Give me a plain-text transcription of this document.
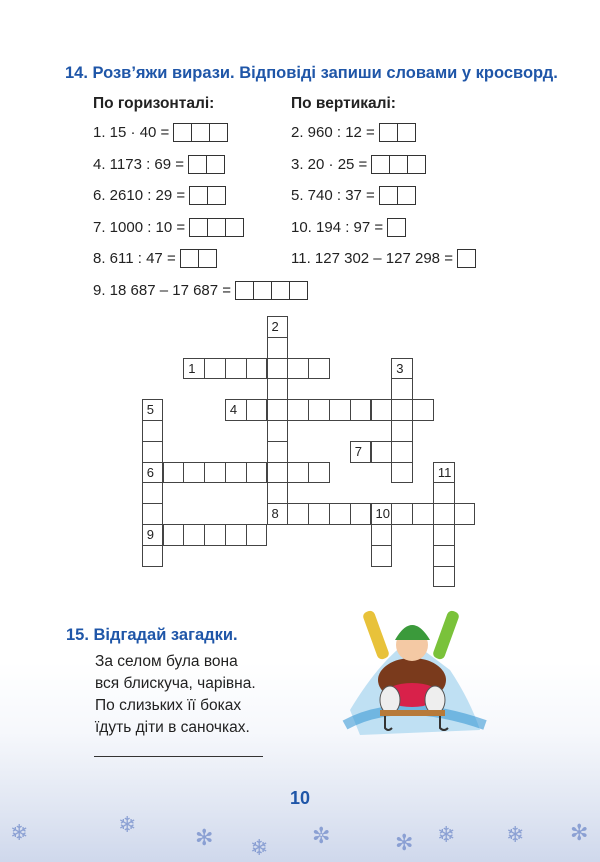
❄	❄
✻ ❄ ✼	✻ ❄ ❄ ✻
14. Розв’яжи вирази. Відповіді запиши словами у кросворд.
По горизонталі:	По вертикалі:
1. 15 · 40 =
4. 1173 : 69 =
6. 2610 : 29 =
7. 1000 : 10 =
8. 611 : 47 =
9. 18 687 – 17 687 =
2. 960 : 12 =
3. 20 · 25 =
5. 740 : 37 =
10. 194 : 97 =
11. 127 302 – 127 298 =
1
2
8
3
4
5
6
9
7
10
11
15. Відгадай загадки.
За селом була вона
вся блискуча, чарівна.
По слизьких її боках
їдуть діти в саночках.
10
